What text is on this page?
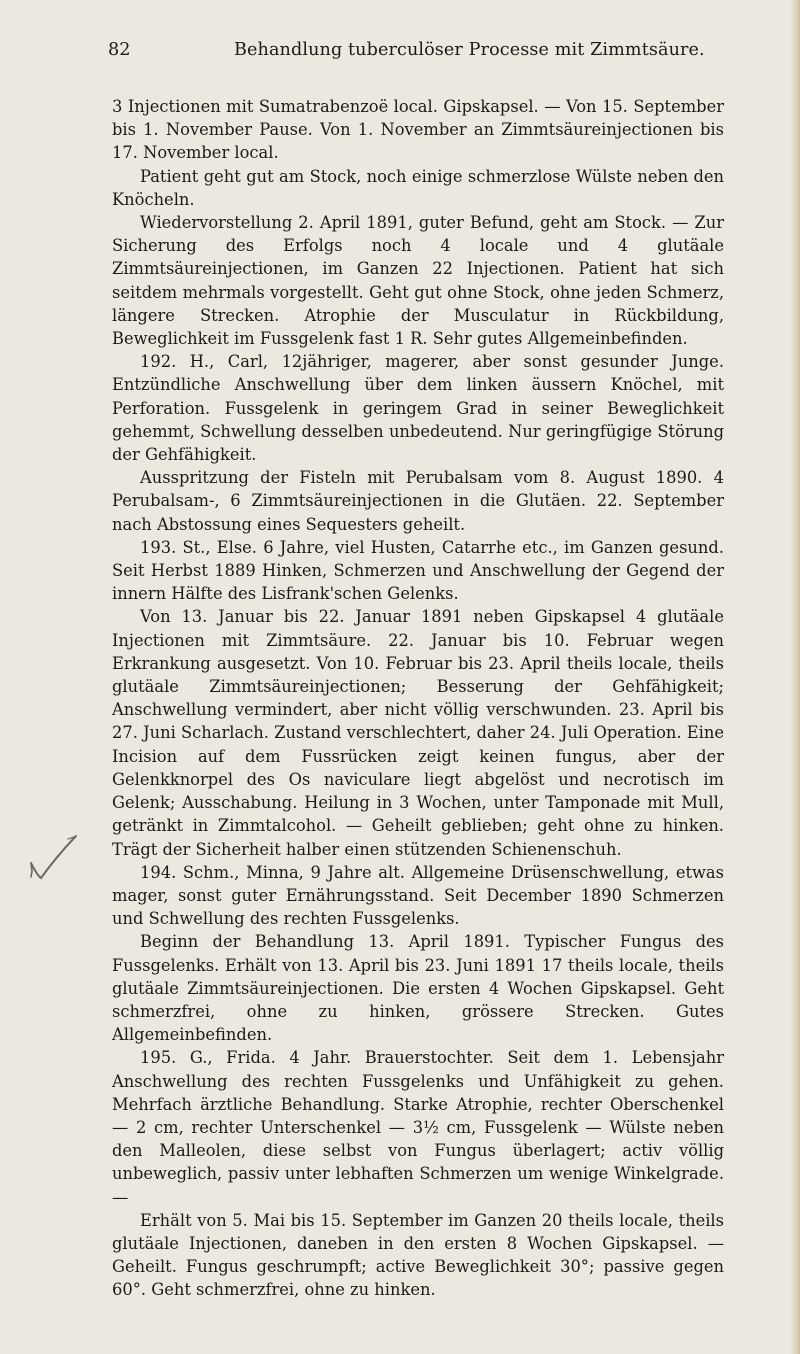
82	Behandlung tuberculöser Processe mit Zimmtsäure.

3 Injectionen mit Sumatrabenzoë local. Gipskapsel. — Von 15. September bis 1. November Pause. Von 1. November an Zimmtsäureinjectionen bis 17. November local.

Patient geht gut am Stock, noch einige schmerzlose Wülste neben den Knöcheln.

Wiedervorstellung 2. April 1891, guter Befund, geht am Stock. — Zur Sicherung des Erfolgs noch 4 locale und 4 glutäale Zimmtsäureinjectionen, im Ganzen 22 Injectionen. Patient hat sich seitdem mehrmals vorgestellt. Geht gut ohne Stock, ohne jeden Schmerz, längere Strecken. Atrophie der Musculatur in Rückbildung, Beweglichkeit im Fussgelenk fast 1 R. Sehr gutes Allgemeinbefinden.

192. H., Carl, 12jähriger, magerer, aber sonst gesunder Junge. Entzündliche Anschwellung über dem linken äussern Knöchel, mit Perforation. Fussgelenk in geringem Grad in seiner Beweglichkeit gehemmt, Schwellung desselben unbedeutend. Nur geringfügige Störung der Gehfähigkeit.

Ausspritzung der Fisteln mit Perubalsam vom 8. August 1890. 4 Perubalsam-, 6 Zimmtsäureinjectionen in die Glutäen. 22. September nach Abstossung eines Sequesters geheilt.

193. St., Else. 6 Jahre, viel Husten, Catarrhe etc., im Ganzen gesund. Seit Herbst 1889 Hinken, Schmerzen und Anschwellung der Gegend der innern Hälfte des Lisfrank'schen Gelenks.

Von 13. Januar bis 22. Januar 1891 neben Gipskapsel 4 glutäale Injectionen mit Zimmtsäure. 22. Januar bis 10. Februar wegen Erkrankung ausgesetzt. Von 10. Februar bis 23. April theils locale, theils glutäale Zimmtsäureinjectionen; Besserung der Gehfähigkeit; Anschwellung vermindert, aber nicht völlig verschwunden. 23. April bis 27. Juni Scharlach. Zustand verschlechtert, daher 24. Juli Operation. Eine Incision auf dem Fussrücken zeigt keinen fungus, aber der Gelenkknorpel des Os naviculare liegt abgelöst und necrotisch im Gelenk; Ausschabung. Heilung in 3 Wochen, unter Tamponade mit Mull, getränkt in Zimmtalcohol. — Geheilt geblieben; geht ohne zu hinken. Trägt der Sicherheit halber einen stützenden Schienenschuh.

194. Schm., Minna, 9 Jahre alt. Allgemeine Drüsenschwellung, etwas mager, sonst guter Ernährungsstand. Seit December 1890 Schmerzen und Schwellung des rechten Fussgelenks.

Beginn der Behandlung 13. April 1891. Typischer Fungus des Fussgelenks. Erhält von 13. April bis 23. Juni 1891 17 theils locale, theils glutäale Zimmtsäureinjectionen. Die ersten 4 Wochen Gipskapsel. Geht schmerzfrei, ohne zu hinken, grössere Strecken. Gutes Allgemeinbefinden.

195. G., Frida. 4 Jahr. Brauerstochter. Seit dem 1. Lebensjahr Anschwellung des rechten Fussgelenks und Unfähigkeit zu gehen. Mehrfach ärztliche Behandlung. Starke Atrophie, rechter Oberschenkel — 2 cm, rechter Unterschenkel — 3½ cm, Fussgelenk — Wülste neben den Malleolen, diese selbst von Fungus überlagert; activ völlig unbeweglich, passiv unter lebhaften Schmerzen um wenige Winkelgrade. —

Erhält von 5. Mai bis 15. September im Ganzen 20 theils locale, theils glutäale Injectionen, daneben in den ersten 8 Wochen Gipskapsel. — Geheilt. Fungus geschrumpft; active Beweglichkeit 30°; passive gegen 60°. Geht schmerzfrei, ohne zu hinken.
